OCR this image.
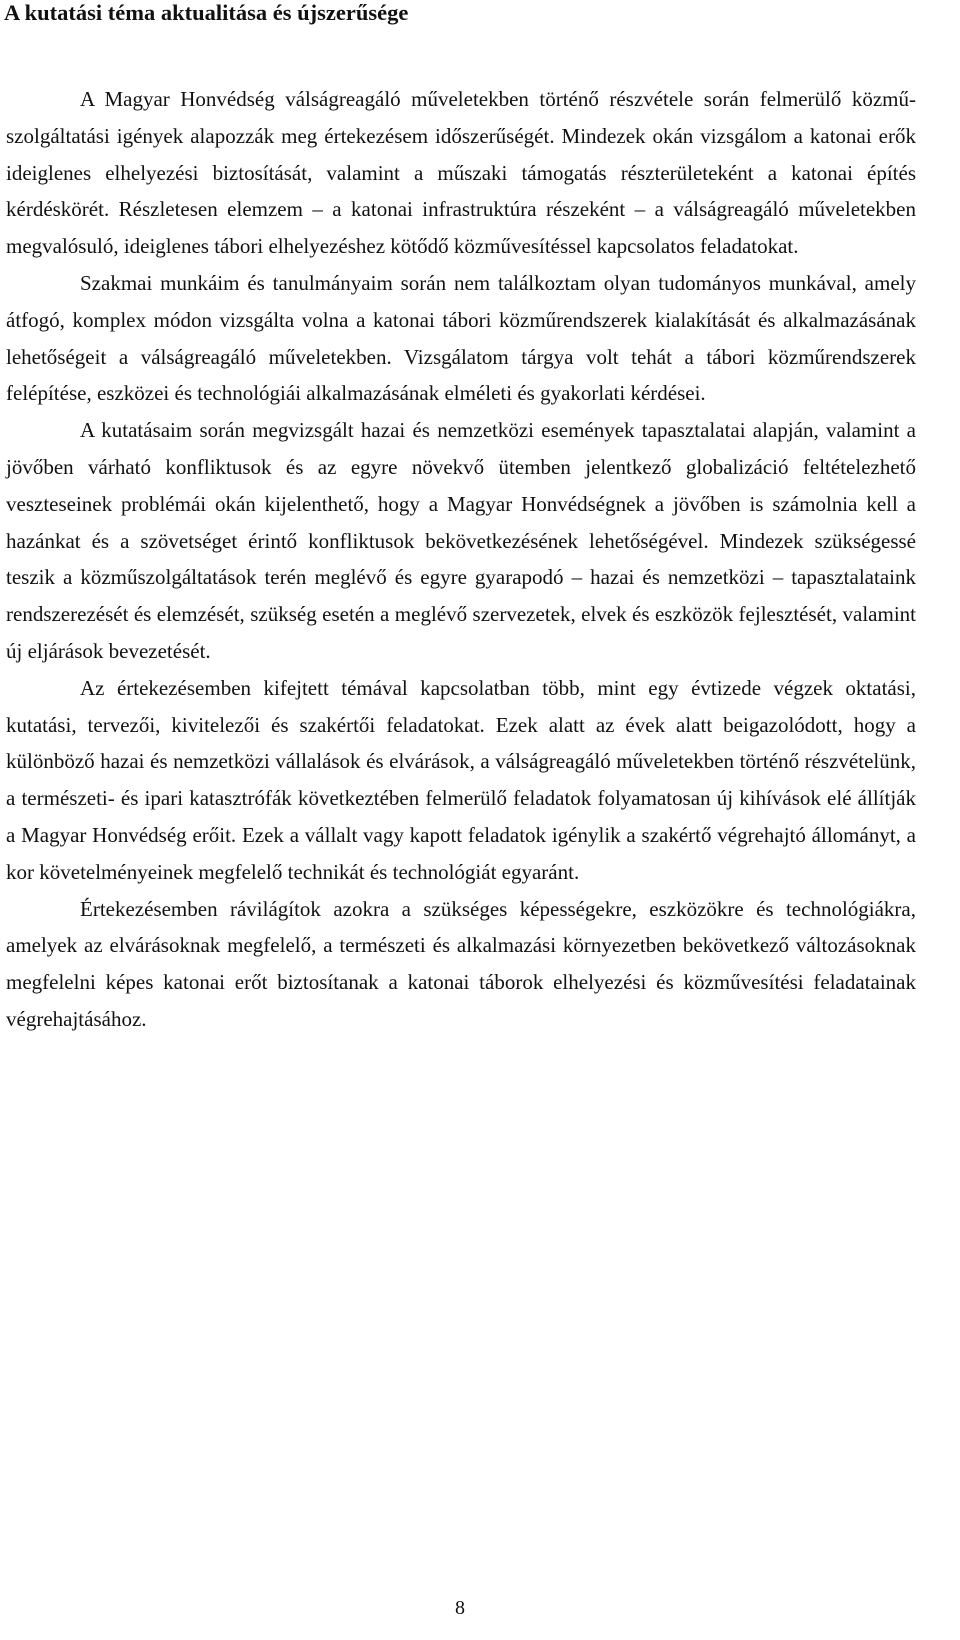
A kutatási téma aktualitása és újszerűsége

A Magyar Honvédség válságreagáló műveletekben történő részvétele során felmerülő közmű-szolgáltatási igények alapozzák meg értekezésem időszerűségét. Mindezek okán vizsgálom a katonai erők ideiglenes elhelyezési biztosítását, valamint a műszaki támogatás részterületeként a katonai építés kérdéskörét. Részletesen elemzem – a katonai infrastruktúra részeként – a válságreagáló műveletekben megvalósuló, ideiglenes tábori elhelyezéshez kötődő közművesítéssel kapcsolatos feladatokat.

Szakmai munkáim és tanulmányaim során nem találkoztam olyan tudományos munkával, amely átfogó, komplex módon vizsgálta volna a katonai tábori közműrendszerek kialakítását és alkalmazásának lehetőségeit a válságreagáló műveletekben. Vizsgálatom tárgya volt tehát a tábori közműrendszerek felépítése, eszközei és technológiái alkalmazásának elméleti és gyakorlati kérdései.

A kutatásaim során megvizsgált hazai és nemzetközi események tapasztalatai alapján, valamint a jövőben várható konfliktusok és az egyre növekvő ütemben jelentkező globalizáció feltételezhető veszteseinek problémái okán kijelenthető, hogy a Magyar Honvédségnek a jövőben is számolnia kell a hazánkat és a szövetséget érintő konfliktusok bekövetkezésének lehetőségével. Mindezek szükségessé teszik a közműszolgáltatások terén meglévő és egyre gyarapodó – hazai és nemzetközi – tapasztalataink rendszerezését és elemzését, szükség esetén a meglévő szervezetek, elvek és eszközök fejlesztését, valamint új eljárások bevezetését.

Az értekezésemben kifejtett témával kapcsolatban több, mint egy évtizede végzek oktatási, kutatási, tervezői, kivitelezői és szakértői feladatokat. Ezek alatt az évek alatt beigazolódott, hogy a különböző hazai és nemzetközi vállalások és elvárások, a válságreagáló műveletekben történő részvételünk, a természeti- és ipari katasztrófák következtében felmerülő feladatok folyamatosan új kihívások elé állítják a Magyar Honvédség erőit. Ezek a vállalt vagy kapott feladatok igénylik a szakértő végrehajtó állományt, a kor követelményeinek megfelelő technikát és technológiát egyaránt.

Értekezésemben rávilágítok azokra a szükséges képességekre, eszközökre és technológiákra, amelyek az elvárásoknak megfelelő, a természeti és alkalmazási környezetben bekövetkező változásoknak megfelelni képes katonai erőt biztosítanak a katonai táborok elhelyezési és közművesítési feladatainak végrehajtásához.

8
